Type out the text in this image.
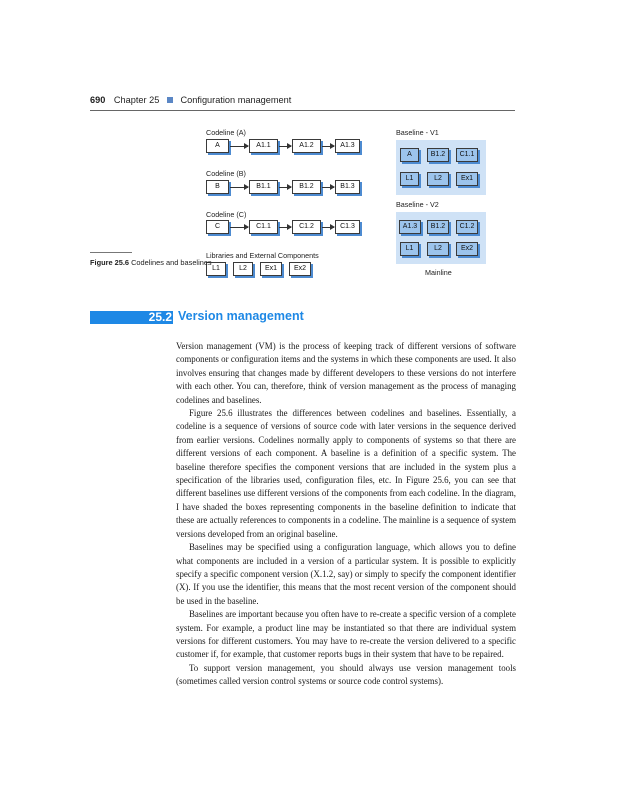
690 Chapter 25 Configuration management
Codeline (A)
A	A1.1	A1.2	A1.3
Codeline (B)
B	B1.1	B1.2	B1.3
Codeline (C)
C	C1.1	C1.2	C1.3
Libraries and External Components
L1	L2	Ex1	Ex2
Baseline - V1
A	B1.2	C1.1
L1	L2	Ex1
Baseline - V2
A1.3	B1.2	C1.2
L1	L2	Ex2
Mainline
Figure 25.6 Codelines and baselines
25.2 Version management

Version management (VM) is the process of keeping track of different versions of software components or configuration items and the systems in which these components are used. It also involves ensuring that changes made by different developers to these versions do not interfere with each other. You can, therefore, think of version management as the process of managing codelines and baselines.

Figure 25.6 illustrates the differences between codelines and baselines. Essentially, a codeline is a sequence of versions of source code with later versions in the sequence derived from earlier versions. Codelines normally apply to components of systems so that there are different versions of each component. A baseline is a definition of a specific system. The baseline therefore specifies the component versions that are included in the system plus a specification of the libraries used, configuration files, etc. In Figure 25.6, you can see that different baselines use different versions of the components from each codeline. In the diagram, I have shaded the boxes representing components in the baseline definition to indicate that these are actually references to components in a codeline. The mainline is a sequence of system versions developed from an original baseline.

Baselines may be specified using a configuration language, which allows you to define what components are included in a version of a particular system. It is possible to explicitly specify a specific component version (X.1.2, say) or simply to specify the component identifier (X). If you use the identifier, this means that the most recent version of the component should be used in the baseline.

Baselines are important because you often have to re-create a specific version of a complete system. For example, a product line may be instantiated so that there are individual system versions for different customers. You may have to re-create the version delivered to a specific customer if, for example, that customer reports bugs in their system that have to be repaired.

To support version management, you should always use version management tools (sometimes called version control systems or source code control systems).
